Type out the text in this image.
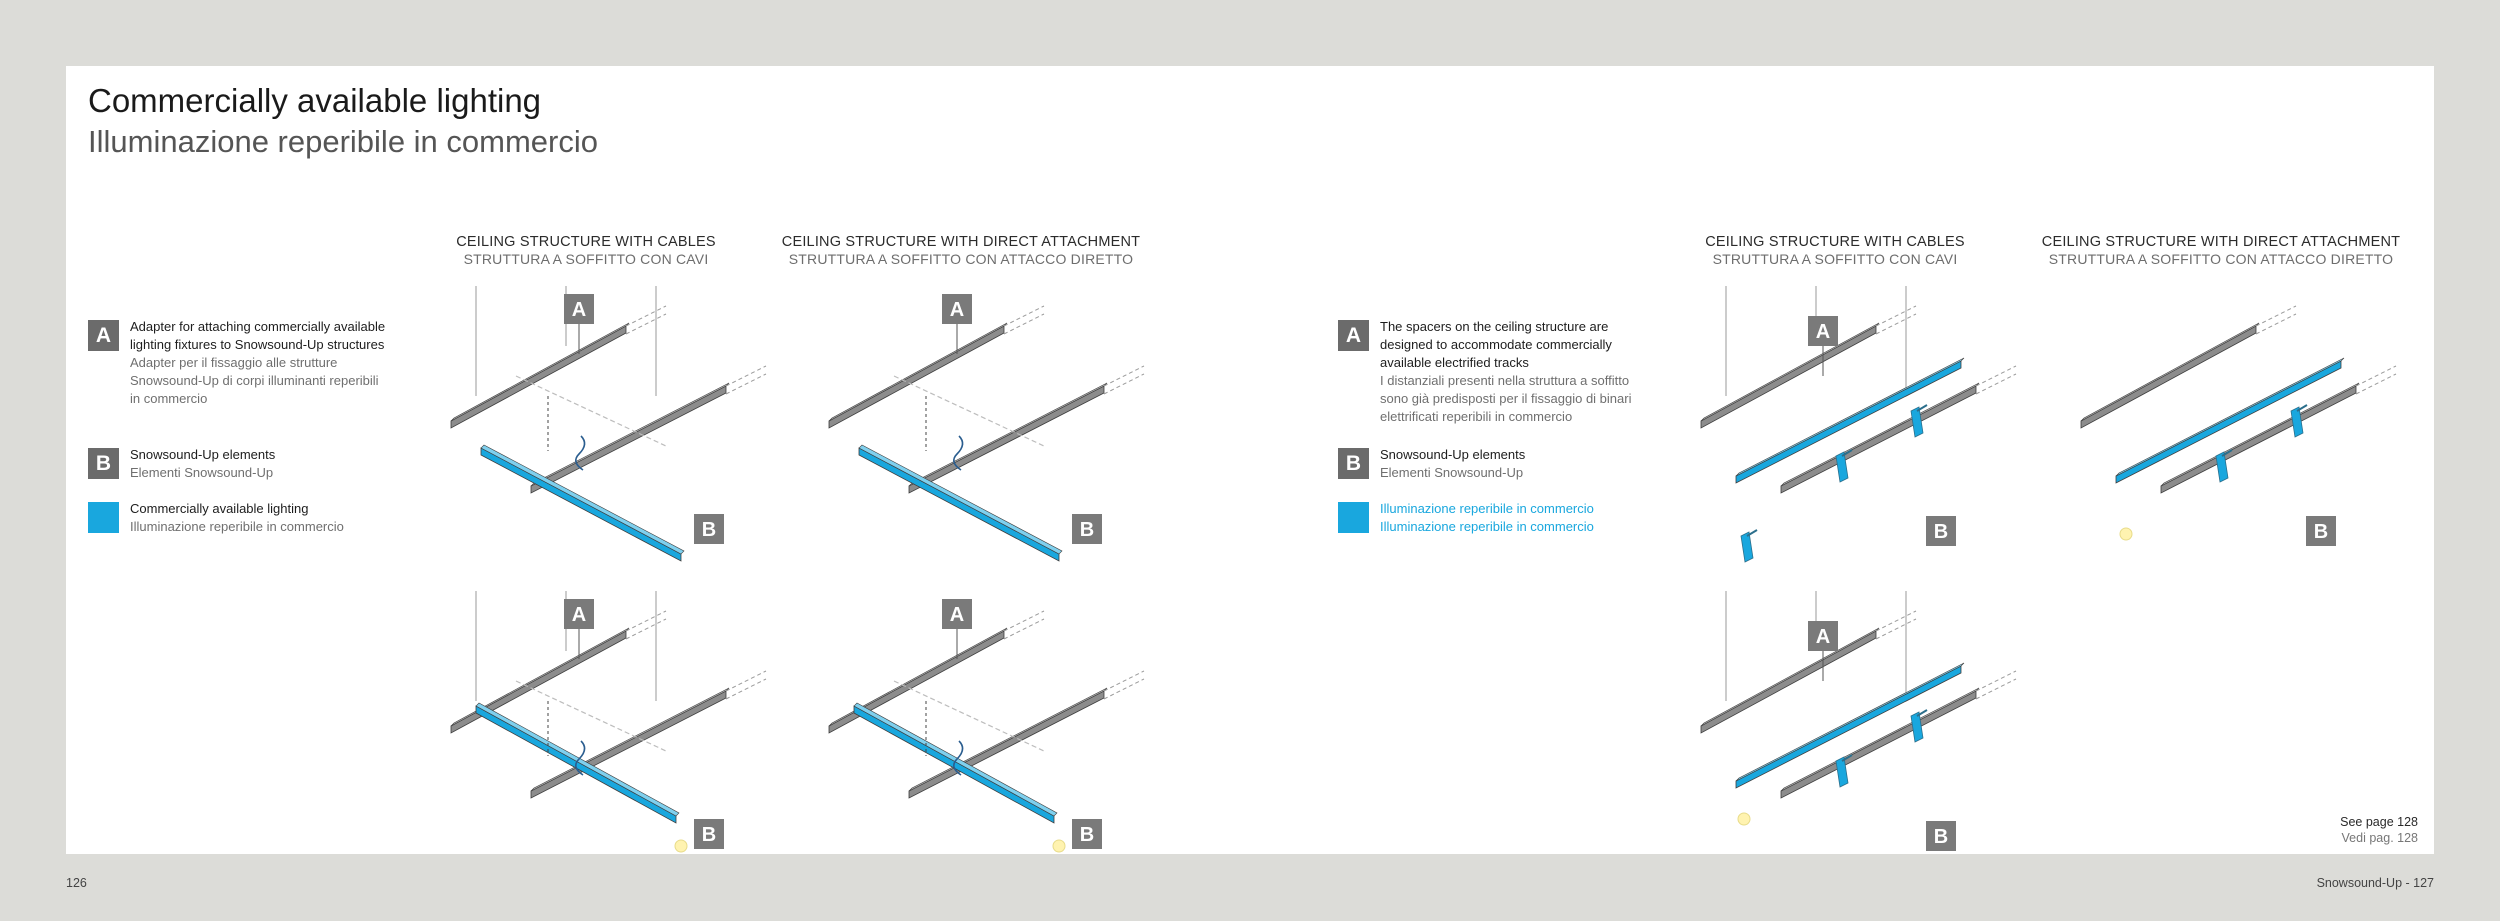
Commercially available lighting
Illuminazione reperibile in commercio
A	Adapter for attaching commercially available lighting fixtures to Snowsound-Up structures
Adapter per il fissaggio alle strutture Snowsound-Up di corpi illuminanti reperibili in commercio
B	Snowsound-Up elements
Elementi Snowsound-Up
Commercially available lighting
Illuminazione reperibile in commercio
A	The spacers on the ceiling structure are designed to accommodate commercially available electrified tracks
I distanziali presenti nella struttura a soffitto sono già predisposti per il fissaggio di binari elettrificati reperibili in commercio
B	Snowsound-Up elements
Elementi Snowsound-Up
Illuminazione reperibile in commercio
Illuminazione reperibile in commercio
CEILING STRUCTURE WITH CABLES
STRUTTURA A SOFFITTO CON CAVI
CEILING STRUCTURE WITH DIRECT ATTACHMENT
STRUTTURA A SOFFITTO CON ATTACCO DIRETTO
CEILING STRUCTURE WITH CABLES
STRUTTURA A SOFFITTO CON CAVI
CEILING STRUCTURE WITH DIRECT ATTACHMENT
STRUTTURA A SOFFITTO CON ATTACCO DIRETTO
A
B
A
B
A
B
A
B
A
B
A
B
B
See page 128
Vedi pag. 128
126	Snowsound-Up - 127
